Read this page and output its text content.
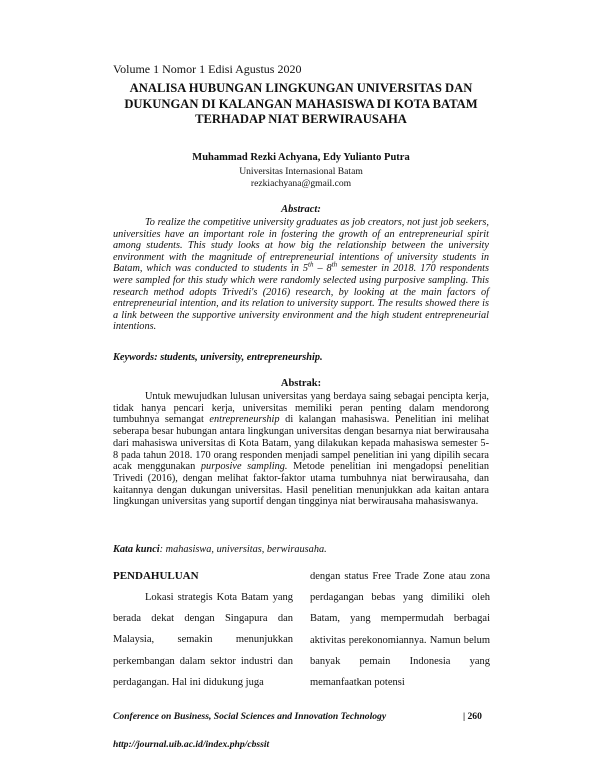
Volume 1 Nomor 1 Edisi Agustus 2020
ANALISA HUBUNGAN LINGKUNGAN UNIVERSITAS DAN
DUKUNGAN DI KALANGAN MAHASISWA DI KOTA BATAM
TERHADAP NIAT BERWIRAUSAHA
Muhammad Rezki Achyana, Edy Yulianto Putra
Universitas Internasional Batam
rezkiachyana@gmail.com
Abstract:
To realize the competitive university graduates as job creators, not just job seekers, universities have an important role in fostering the growth of an entrepreneurial spirit among students. This study looks at how big the relationship between the university environment with the magnitude of entrepreneurial intentions of university students in Batam, which was conducted to students in 5th – 8th semester in 2018. 170 respondents were sampled for this study which were randomly selected using purposive sampling. This research method adopts Trivedi's (2016) research, by looking at the main factors of entrepreneurial intention, and its relation to university support. The results showed there is a link between the supportive university environment and the high student entrepreneurial intentions.
Keywords: students, university, entrepreneurship.
Abstrak:
Untuk mewujudkan lulusan universitas yang berdaya saing sebagai pencipta kerja, tidak hanya pencari kerja, universitas memiliki peran penting dalam mendorong tumbuhnya semangat entrepreneurship di kalangan mahasiswa. Penelitian ini melihat seberapa besar hubungan antara lingkungan universitas dengan besarnya niat berwirausaha dari mahasiswa universitas di Kota Batam, yang dilakukan kepada mahasiswa semester 5-8 pada tahun 2018. 170 orang responden menjadi sampel penelitian ini yang dipilih secara acak menggunakan purposive sampling. Metode penelitian ini mengadopsi penelitian Trivedi (2016), dengan melihat faktor-faktor utama tumbuhnya niat berwirausaha, dan kaitannya dengan dukungan universitas. Hasil penelitian menunjukkan ada kaitan antara lingkungan universitas yang suportif dengan tingginya niat berwirausaha mahasiswanya.
Kata kunci: mahasiswa, universitas, berwirausaha.
PENDAHULUAN
Lokasi strategis Kota Batam yang berada dekat dengan Singapura dan Malaysia, semakin menunjukkan perkembangan dalam sektor industri dan perdagangan. Hal ini didukung juga
dengan status Free Trade Zone atau zona perdagangan bebas yang dimiliki oleh Batam, yang mempermudah berbagai aktivitas perekonomiannya. Namun belum banyak pemain Indonesia yang memanfaatkan potensi
Conference on Business, Social Sciences and Innovation Technology	| 260
http://journal.uib.ac.id/index.php/cbssit
